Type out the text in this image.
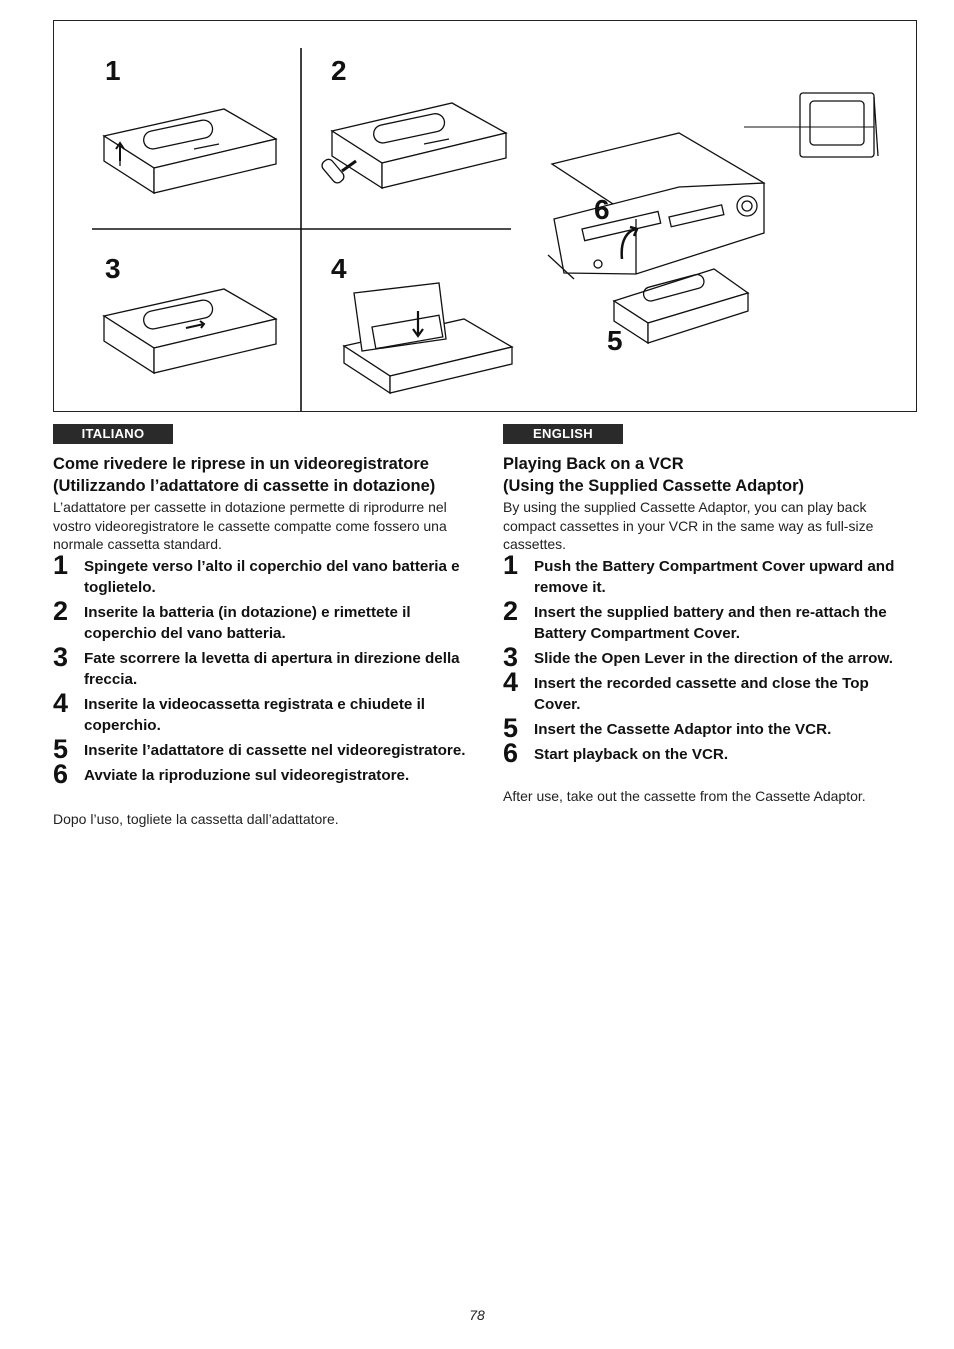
1	2
3	4
5
6
ITALIANO
Come rivedere le riprese in un videoregistratore (Utilizzando l’adattatore di cassette in dotazione)

L’adattatore per cassette in dotazione permette di riprodurre nel vostro videoregistratore le cassette compatte come fossero una normale cassetta standard.

1 Spingete verso l’alto il coperchio del vano batteria e toglietelo.
2 Inserite la batteria (in dotazione) e rimettete il coperchio del vano batteria.
3 Fate scorrere la levetta di apertura in direzione della freccia.
4 Inserite la videocassetta registrata e chiudete il coperchio.
5 Inserite l’adattatore di cassette nel videoregistratore.
6 Avviate la riproduzione sul videoregistratore.
Dopo l’uso, togliete la cassetta dall’adattatore.
ENGLISH
Playing Back on a VCR
(Using the Supplied Cassette Adaptor)

By using the supplied Cassette Adaptor, you can play back compact cassettes in your VCR in the same way as full-size cassettes.

1 Push the Battery Compartment Cover upward and remove it.
2 Insert the supplied battery and then re-attach the Battery Compartment Cover.
3 Slide the Open Lever in the direction of the arrow.
4 Insert the recorded cassette and close the Top Cover.
5 Insert the Cassette Adaptor into the VCR.
6 Start playback on the VCR.
After use, take out the cassette from the Cassette Adaptor.
78
